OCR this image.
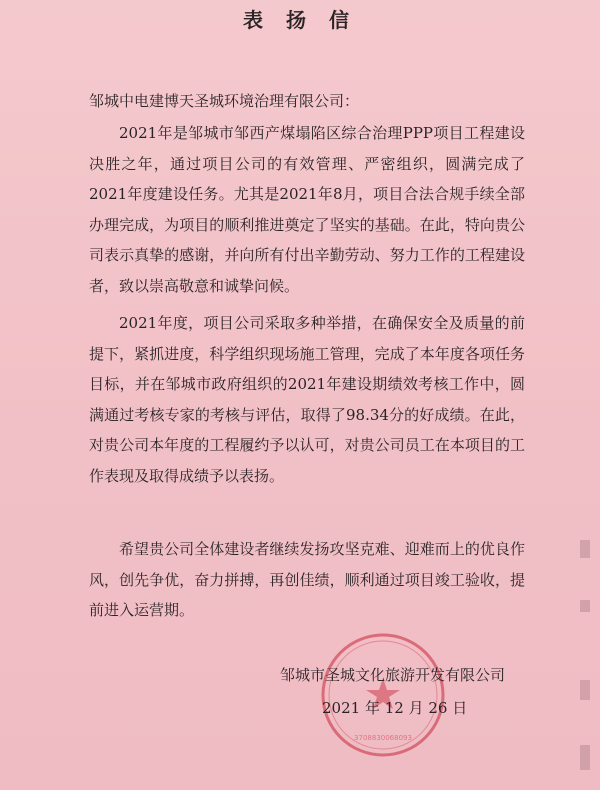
表 扬 信
邹城中电建博天圣城环境治理有限公司：

2021年是邹城市邹西产煤塌陷区综合治理PPP项目工程建设决胜之年，通过项目公司的有效管理、严密组织，圆满完成了2021年度建设任务。尤其是2021年8月，项目合法合规手续全部办理完成，为项目的顺利推进奠定了坚实的基础。在此，特向贵公司表示真挚的感谢，并向所有付出辛勤劳动、努力工作的工程建设者，致以崇高敬意和诚挚问候。

2021年度，项目公司采取多种举措，在确保安全及质量的前提下，紧抓进度，科学组织现场施工管理，完成了本年度各项任务目标，并在邹城市政府组织的2021年建设期绩效考核工作中，圆满通过考核专家的考核与评估，取得了98.34分的好成绩。在此，对贵公司本年度的工程履约予以认可，对贵公司员工在本项目的工作表现及取得成绩予以表扬。

希望贵公司全体建设者继续发扬攻坚克难、迎难而上的优良作风，创先争优，奋力拼搏，再创佳绩，顺利通过项目竣工验收，提前进入运营期。

3708830068093
邹城市圣城文化旅游开发有限公司
2021 年 12 月 26 日
